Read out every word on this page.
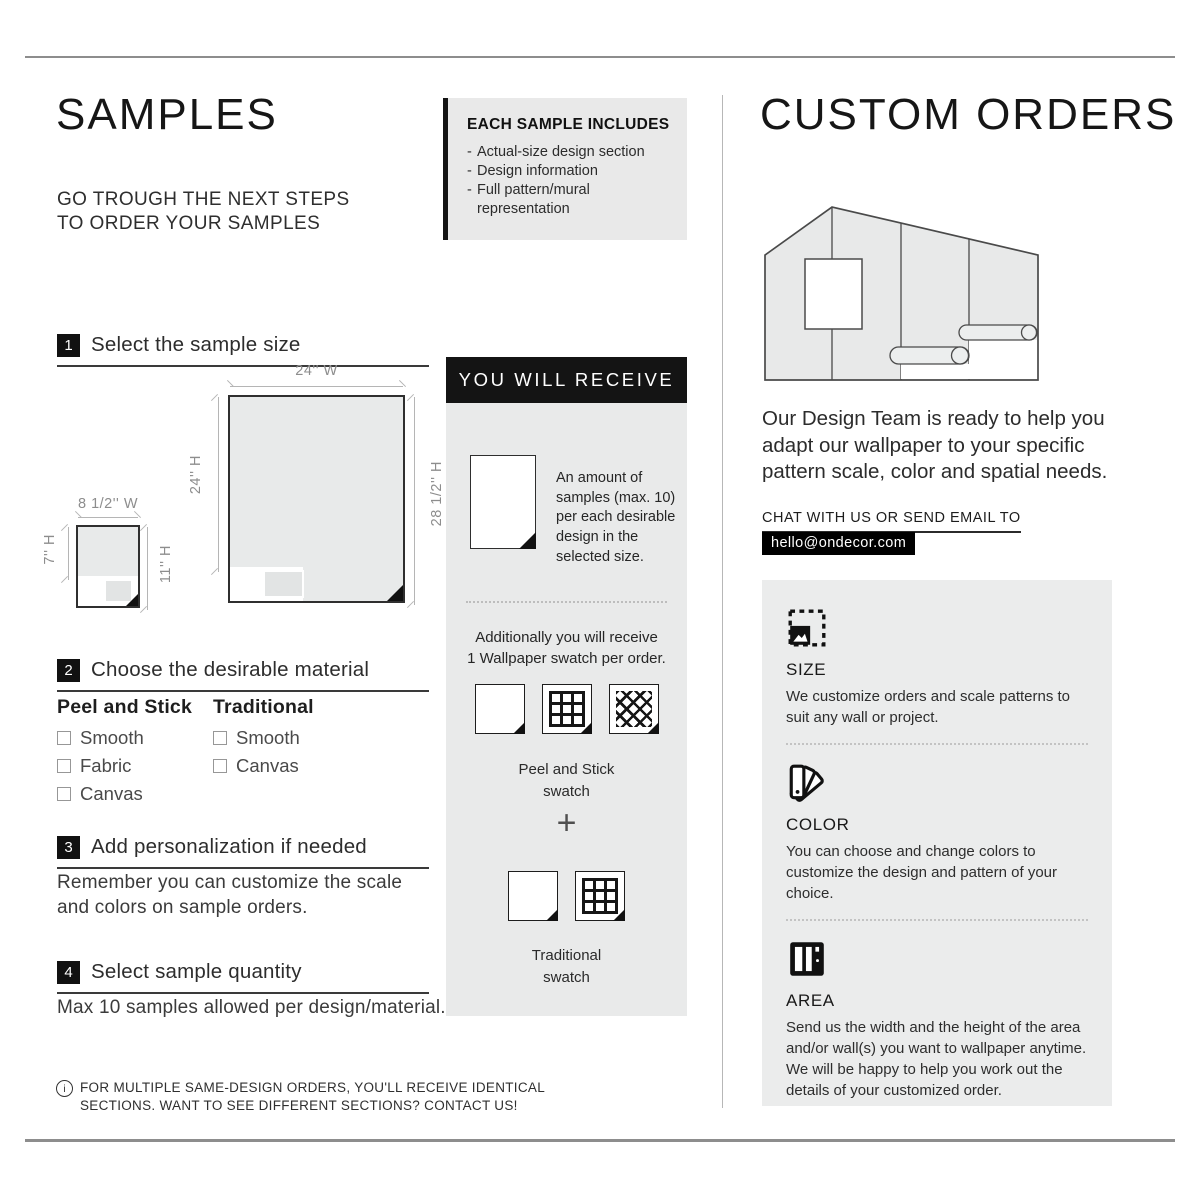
SAMPLES
GO TROUGH THE NEXT STEPS
TO ORDER YOUR SAMPLES
1 Select the sample size
24'' W
24'' H	28 1/2'' H
8 1/2'' W
7'' H	11'' H
2 Choose the desirable material
Peel and Stick
Smooth
Fabric
Canvas
Traditional
Smooth
Canvas
3 Add personalization if needed
Remember you can customize the scale and colors on sample orders.
4 Select sample quantity
Max 10 samples allowed per design/material.
i	FOR MULTIPLE SAME-DESIGN ORDERS, YOU'LL RECEIVE IDENTICAL
SECTIONS. WANT TO SEE DIFFERENT SECTIONS? CONTACT US!
EACH SAMPLE INCLUDES
- Actual-size design section
- Design information
- Full pattern/mural representation
YOU WILL RECEIVE
An amount of samples (max. 10) per each desirable design in the selected size.
Additionally you will receive
1 Wallpaper swatch per order.
Peel and Stick
swatch
+
Traditional
swatch
CUSTOM ORDERS
Our Design Team is ready to help you adapt our wallpaper to your specific pattern scale, color and spatial needs.
CHAT WITH US OR SEND EMAIL TO
hello@ondecor.com
SIZE
We customize orders and scale patterns to suit any wall or project.
COLOR
You can choose and change colors to customize the design and pattern of your choice.
AREA
Send us the width and the height of the area and/or wall(s) you want to wallpaper anytime. We will be happy to help you work out the details of your customized order.
